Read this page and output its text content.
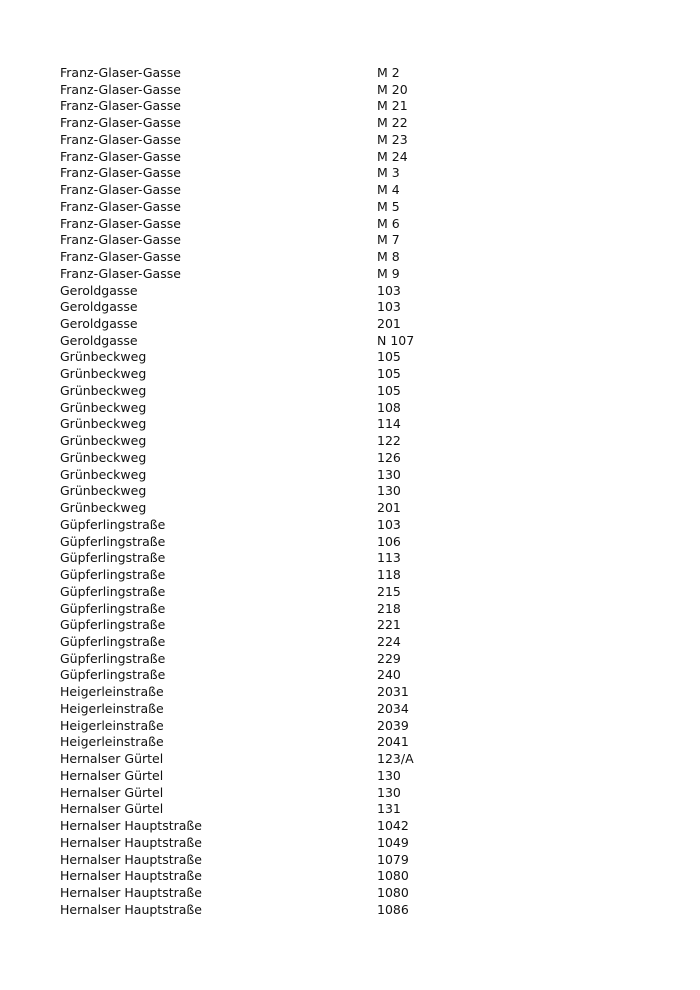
Franz-Glaser-Gasse	M 2
Franz-Glaser-Gasse	M 20
Franz-Glaser-Gasse	M 21
Franz-Glaser-Gasse	M 22
Franz-Glaser-Gasse	M 23
Franz-Glaser-Gasse	M 24
Franz-Glaser-Gasse	M 3
Franz-Glaser-Gasse	M 4
Franz-Glaser-Gasse	M 5
Franz-Glaser-Gasse	M 6
Franz-Glaser-Gasse	M 7
Franz-Glaser-Gasse	M 8
Franz-Glaser-Gasse	M 9
Geroldgasse	103
Geroldgasse	103
Geroldgasse	201
Geroldgasse	N 107
Grünbeckweg	105
Grünbeckweg	105
Grünbeckweg	105
Grünbeckweg	108
Grünbeckweg	114
Grünbeckweg	122
Grünbeckweg	126
Grünbeckweg	130
Grünbeckweg	130
Grünbeckweg	201
Güpferlingstraße	103
Güpferlingstraße	106
Güpferlingstraße	113
Güpferlingstraße	118
Güpferlingstraße	215
Güpferlingstraße	218
Güpferlingstraße	221
Güpferlingstraße	224
Güpferlingstraße	229
Güpferlingstraße	240
Heigerleinstraße	2031
Heigerleinstraße	2034
Heigerleinstraße	2039
Heigerleinstraße	2041
Hernalser Gürtel	123/A
Hernalser Gürtel	130
Hernalser Gürtel	130
Hernalser Gürtel	131
Hernalser Hauptstraße	1042
Hernalser Hauptstraße	1049
Hernalser Hauptstraße	1079
Hernalser Hauptstraße	1080
Hernalser Hauptstraße	1080
Hernalser Hauptstraße	1086
